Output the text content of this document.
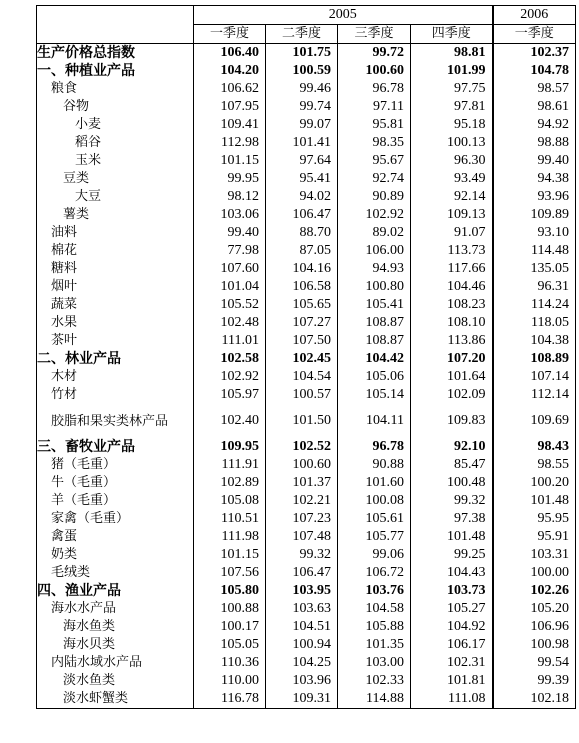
	2005				2006
	一季度	二季度	三季度	四季度	一季度
生产价格总指数	106.40	101.75	99.72	98.81	102.37
一、种植业产品	104.20	100.59	100.60	101.99	104.78
粮食	106.62	99.46	96.78	97.75	98.57
谷物	107.95	99.74	97.11	97.81	98.61
小麦	109.41	99.07	95.81	95.18	94.92
稻谷	112.98	101.41	98.35	100.13	98.88
玉米	101.15	97.64	95.67	96.30	99.40
豆类	99.95	95.41	92.74	93.49	94.38
大豆	98.12	94.02	90.89	92.14	93.96
薯类	103.06	106.47	102.92	109.13	109.89
油料	99.40	88.70	89.02	91.07	93.10
棉花	77.98	87.05	106.00	113.73	114.48
糖料	107.60	104.16	94.93	117.66	135.05
烟叶	101.04	106.58	100.80	104.46	96.31
蔬菜	105.52	105.65	105.41	108.23	114.24
水果	102.48	107.27	108.87	108.10	118.05
茶叶	111.01	107.50	108.87	113.86	104.38
二、林业产品	102.58	102.45	104.42	107.20	108.89
木材	102.92	104.54	105.06	101.64	107.14
竹材	105.97	100.57	105.14	102.09	112.14
胶脂和果实类林产品	102.40	101.50	104.11	109.83	109.69
三、畜牧业产品	109.95	102.52	96.78	92.10	98.43
猪（毛重）	111.91	100.60	90.88	85.47	98.55
牛（毛重）	102.89	101.37	101.60	100.48	100.20
羊（毛重）	105.08	102.21	100.08	99.32	101.48
家禽（毛重）	110.51	107.23	105.61	97.38	95.95
禽蛋	111.98	107.48	105.77	101.48	95.91
奶类	101.15	99.32	99.06	99.25	103.31
毛绒类	107.56	106.47	106.72	104.43	100.00
四、渔业产品	105.80	103.95	103.76	103.73	102.26
海水水产品	100.88	103.63	104.58	105.27	105.20
海水鱼类	100.17	104.51	105.88	104.92	106.96
海水贝类	105.05	100.94	101.35	106.17	100.98
内陆水域水产品	110.36	104.25	103.00	102.31	99.54
淡水鱼类	110.00	103.96	102.33	101.81	99.39
淡水虾蟹类	116.78	109.31	114.88	111.08	102.18
